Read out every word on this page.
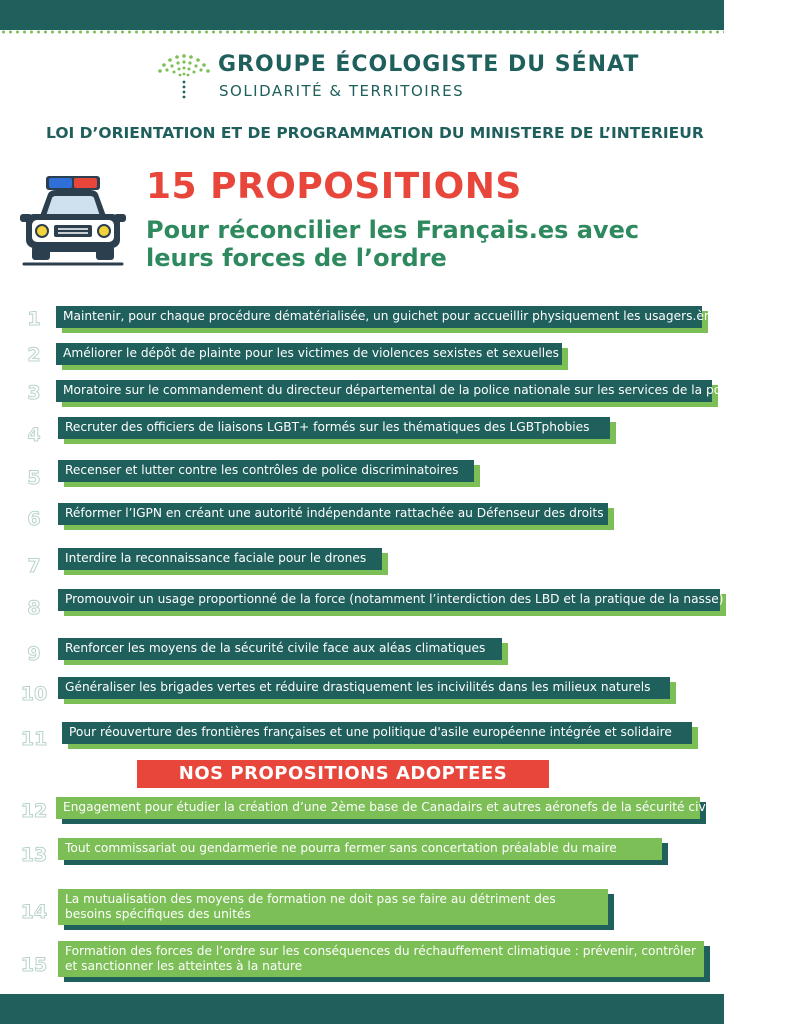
GROUPE ÉCOLOGISTE DU SÉNAT
SOLIDARITÉ & TERRITOIRES
LOI D’ORIENTATION ET DE PROGRAMMATION DU MINISTERE DE L’INTERIEUR
15 PROPOSITIONS
Pour réconcilier les Français.es avec leurs forces de l’ordre
1	Maintenir, pour chaque procédure dématérialisée, un guichet pour accueillir physiquement les usagers.ères
2	Améliorer le dépôt de plainte pour les victimes de violences sexistes et sexuelles
3	Moratoire sur le commandement du directeur départemental de la police nationale sur les services de la police judiciaire
4	Recruter des officiers de liaisons LGBT+ formés sur les thématiques des LGBTphobies
5	Recenser et lutter contre les contrôles de police discriminatoires
6	Réformer l’IGPN en créant une autorité indépendante rattachée au Défenseur des droits
7	Interdire la reconnaissance faciale pour le drones
8	Promouvoir un usage proportionné de la force (notamment l’interdiction des LBD et la pratique de la nasse)
9	Renforcer les moyens de la sécurité civile face aux aléas climatiques
10	Généraliser les brigades vertes et réduire drastiquement les incivilités dans les milieux naturels
11	Pour réouverture des frontières françaises et une politique d'asile européenne intégrée et solidaire
NOS PROPOSITIONS ADOPTEES
12	Engagement pour étudier la création d’une 2ème base de Canadairs et autres aéronefs de la sécurité civile
13	Tout commissariat ou gendarmerie ne pourra fermer sans concertation préalable du maire
14
La mutualisation des moyens de formation ne doit pas se faire au détriment des besoins spécifiques des unités
15
Formation des forces de l’ordre sur les conséquences du réchauffement climatique : prévenir, contrôler et sanctionner les atteintes à la nature
